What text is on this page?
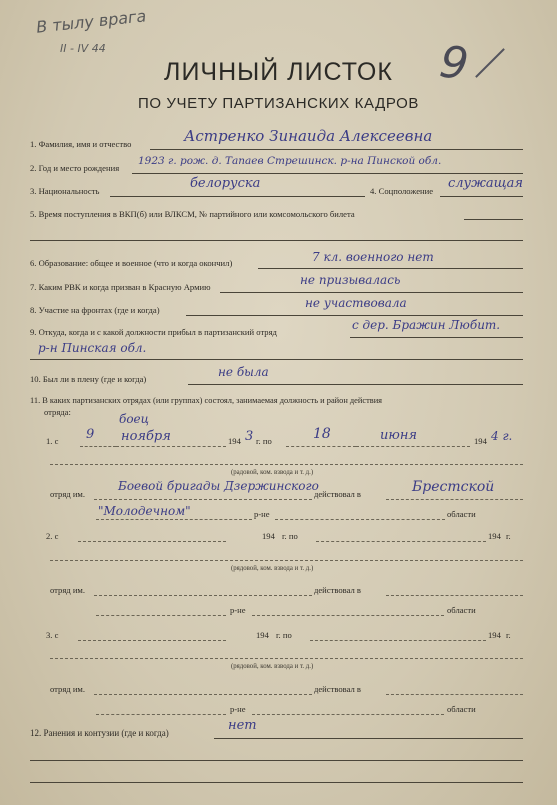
В тылу врага
II - IV 44	9
ЛИЧНЫЙ ЛИСТОК
ПО УЧЕТУ ПАРТИЗАНСКИХ КАДРОВ
1. Фамилия, имя и отчество	Астренко Зинаида Алексеевна
2. Год и место рождения
1923 г. рож. д. Тапаев Стрешинск. р-на Пинской обл.
3. Национальность	белоруска	4. Соцположение служащая
5. Время поступления в ВКП(б) или ВЛКСМ, № партийного или комсомольского билета
6. Образование: общее и военное (что и когда окончил)	7 кл. военного нет
7. Каким РВК и когда призван в Красную Армию	не призывалась
8. Участие на фронтах (где и когда)	не участвовала
9. Откуда, когда и с какой должности прибыл в партизанский отряд	с дер. Бражин Любит.
р-н Пинская обл.
10. Был ли в плену (где и когда)	не была
11. В каких партизанских отрядах (или группах) состоял, занимаемая должность и район действия
отряда:	боец
1. с 9 ноября	194 3 г. по	18	июня	194 4 г.
(радовой, ком. взвода и т. д.)
отряд им.
Боевой бригады Дзержинского
действовал в	Брестской
"Молодечном"	р-не	области
2. с	194 г. по	194 г.
(рядовой, ком. взвода и т. д.)
отряд им.	действовал в
р-не	области
3. с	194 г. по	194 г.
(рядовой, ком. взвода и т. д.)
отряд им.	действовал в
р-не	области
12. Ранения и контузии (где и когда)	нет
